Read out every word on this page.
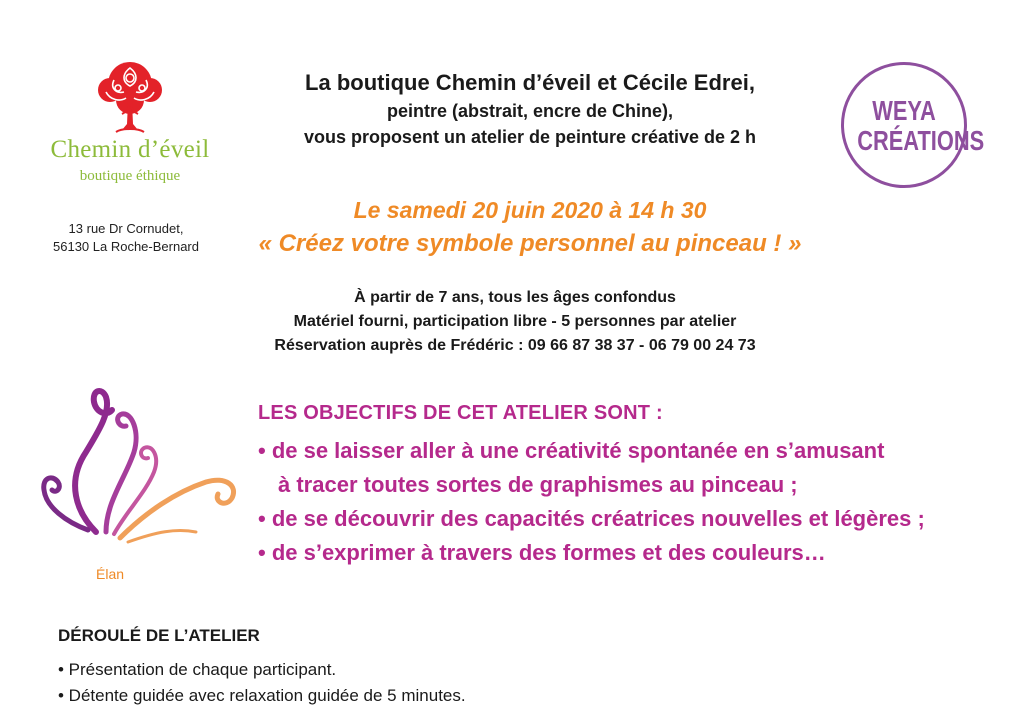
Chemin d’éveil
boutique éthique
13 rue Dr Cornudet,
56130 La Roche-Bernard
La boutique Chemin d’éveil et Cécile Edrei,
peintre (abstrait, encre de Chine),
vous proposent un atelier de peinture créative de 2 h
WEYA
CRÉATIONS
Le samedi 20 juin 2020 à 14 h 30
« Créez votre symbole personnel au pinceau ! »
À partir de 7 ans, tous les âges confondus
Matériel fourni, participation libre - 5 personnes par atelier
Réservation auprès de Frédéric : 09 66 87 38 37 - 06 79 00 24 73
Élan
LES OBJECTIFS DE CET ATELIER SONT :
• de se laisser aller à une créativité spontanée en s’amusant
à tracer toutes sortes de graphismes au pinceau ;
• de se découvrir des capacités créatrices nouvelles et légères ;
• de s’exprimer à travers des formes et des couleurs…
DÉROULÉ DE L’ATELIER
• Présentation de chaque participant.
• Détente guidée avec relaxation guidée de 5 minutes.
